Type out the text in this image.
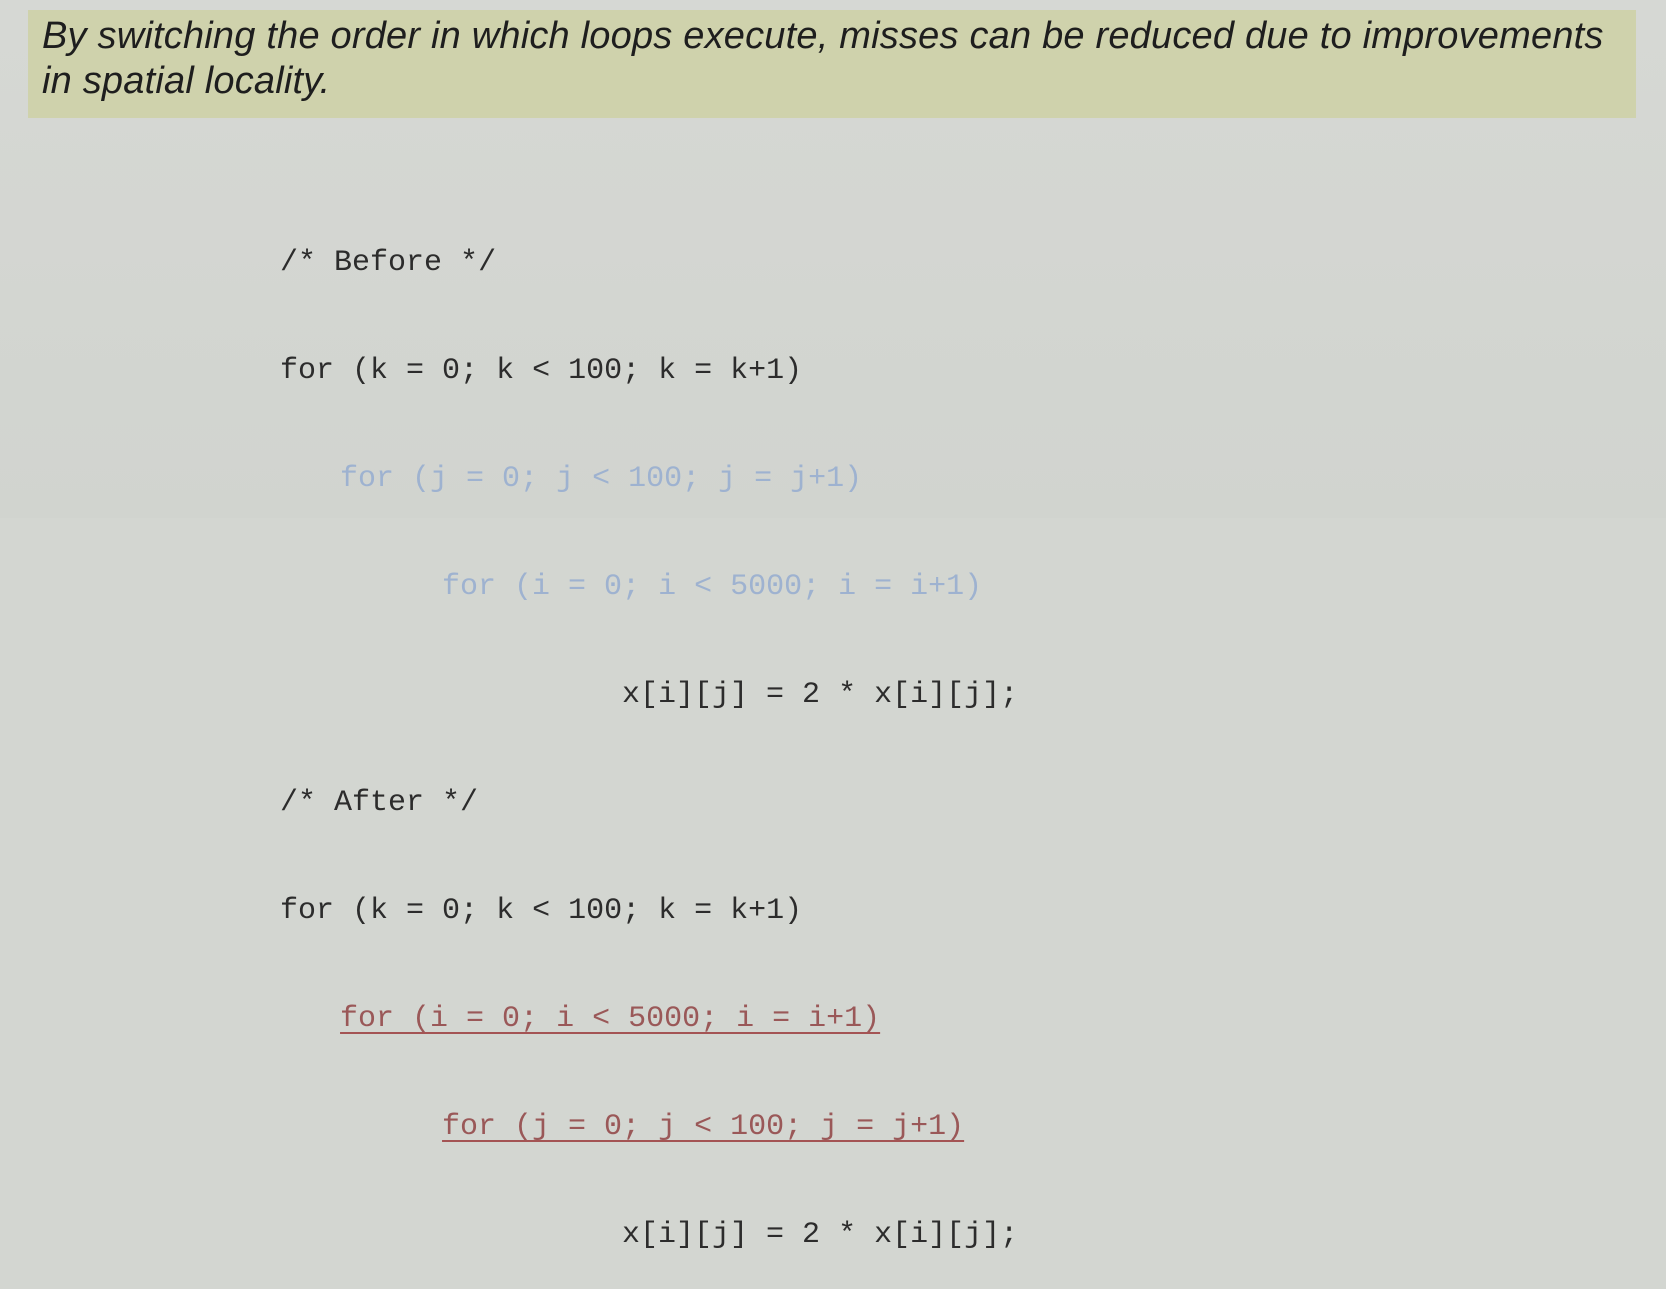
By switching the order in which loops execute, misses can be reduced due to improvements in spatial locality.

/* Before */

for (k = 0; k < 100; k = k+1)

for (j = 0; j < 100; j = j+1)

for (i = 0; i < 5000; i = i+1)

x[i][j] = 2 * x[i][j];

/* After */

for (k = 0; k < 100; k = k+1)

for (i = 0; i < 5000; i = i+1)

for (j = 0; j < 100; j = j+1)

x[i][j] = 2 * x[i][j];
